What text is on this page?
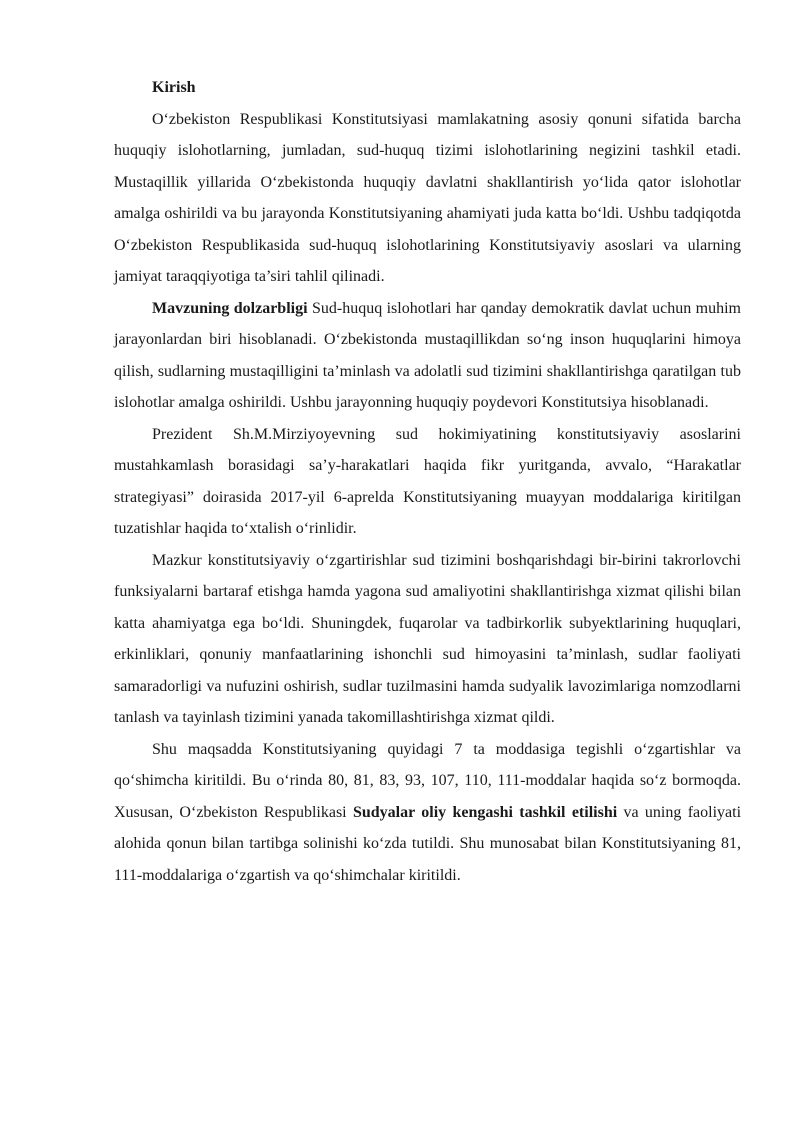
Kirish

O‘zbekiston Respublikasi Konstitutsiyasi mamlakatning asosiy qonuni sifatida barcha huquqiy islohotlarning, jumladan, sud-huquq tizimi islohotlarining negizini tashkil etadi. Mustaqillik yillarida O‘zbekistonda huquqiy davlatni shakllantirish yo‘lida qator islohotlar amalga oshirildi va bu jarayonda Konstitutsiyaning ahamiyati juda katta bo‘ldi. Ushbu tadqiqotda O‘zbekiston Respublikasida sud-huquq islohotlarining Konstitutsiyaviy asoslari va ularning jamiyat taraqqiyotiga ta’siri tahlil qilinadi.

Mavzuning dolzarbligi Sud-huquq islohotlari har qanday demokratik davlat uchun muhim jarayonlardan biri hisoblanadi. O‘zbekistonda mustaqillikdan so‘ng inson huquqlarini himoya qilish, sudlarning mustaqilligini ta’minlash va adolatli sud tizimini shakllantirishga qaratilgan tub islohotlar amalga oshirildi. Ushbu jarayonning huquqiy poydevori Konstitutsiya hisoblanadi.

Prezident Sh.M.Mirziyoyevning sud hokimiyatining konstitutsiyaviy asoslarini mustahkamlash borasidagi sa’y-harakatlari haqida fikr yuritganda, avvalo, “Harakatlar strategiyasi” doirasida 2017-yil 6-aprelda Konstitutsiyaning muayyan moddalariga kiritilgan tuzatishlar haqida to‘xtalish o‘rinlidir.

Mazkur konstitutsiyaviy o‘zgartirishlar sud tizimini boshqarishdagi bir-birini takrorlovchi funksiyalarni bartaraf etishga hamda yagona sud amaliyotini shakllantirishga xizmat qilishi bilan katta ahamiyatga ega bo‘ldi. Shuningdek, fuqarolar va tadbirkorlik subyektlarining huquqlari, erkinliklari, qonuniy manfaatlarining ishonchli sud himoyasini ta’minlash, sudlar faoliyati samaradorligi va nufuzini oshirish, sudlar tuzilmasini hamda sudyalik lavozimlariga nomzodlarni tanlash va tayinlash tizimini yanada takomillashtirishga xizmat qildi.

Shu maqsadda Konstitutsiyaning quyidagi 7 ta moddasiga tegishli o‘zgartishlar va qo‘shimcha kiritildi. Bu o‘rinda 80, 81, 83, 93, 107, 110, 111-moddalar haqida so‘z bormoqda. Xususan, O‘zbekiston Respublikasi Sudyalar oliy kengashi tashkil etilishi va uning faoliyati alohida qonun bilan tartibga solinishi ko‘zda tutildi. Shu munosabat bilan Konstitutsiyaning 81, 111-moddalariga o‘zgartish va qo‘shimchalar kiritildi.
